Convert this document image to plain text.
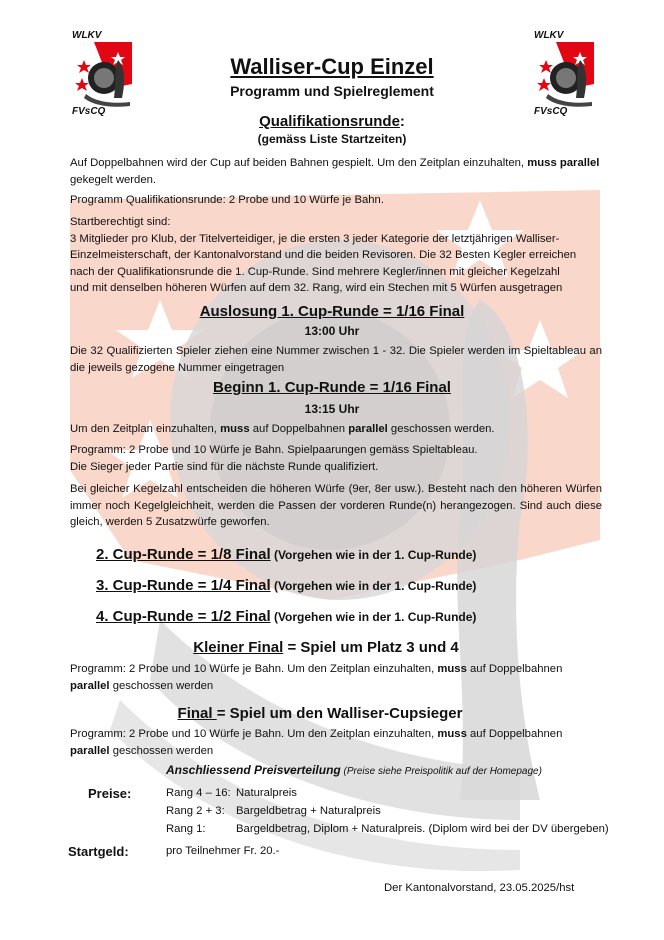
WLKV
FVsCQ
WLKV
FVsCQ
Walliser-Cup Einzel
Programm und Spielreglement
Qualifikationsrunde:
(gemäss Liste Startzeiten)
Auf Doppelbahnen wird der Cup auf beiden Bahnen gespielt. Um den Zeitplan einzuhalten, muss parallel gekegelt werden.
Programm Qualifikationsrunde: 2 Probe und 10 Würfe je Bahn.
Startberechtigt sind:
3 Mitglieder pro Klub, der Titelverteidiger, je die ersten 3 jeder Kategorie der letztjährigen Walliser-
Einzelmeisterschaft, der Kantonalvorstand und die beiden Revisoren. Die 32 Besten Kegler erreichen
nach der Qualifikationsrunde die 1. Cup-Runde. Sind mehrere Kegler/innen mit gleicher Kegelzahl
und mit denselben höheren Würfen auf dem 32. Rang, wird ein Stechen mit 5 Würfen ausgetragen
Auslosung 1. Cup-Runde = 1/16 Final
13:00 Uhr
Die 32 Qualifizierten Spieler ziehen eine Nummer zwischen 1 - 32. Die Spieler werden im Spieltableau an die jeweils gezogene Nummer eingetragen
Beginn 1. Cup-Runde = 1/16 Final
13:15 Uhr
Um den Zeitplan einzuhalten, muss auf Doppelbahnen parallel geschossen werden.
Programm: 2 Probe und 10 Würfe je Bahn. Spielpaarungen gemäss Spieltableau.
Die Sieger jeder Partie sind für die nächste Runde qualifiziert.
Bei gleicher Kegelzahl entscheiden die höheren Würfe (9er, 8er usw.). Besteht nach den höheren Würfen immer noch Kegelgleichheit, werden die Passen der vorderen Runde(n) herangezogen. Sind auch diese gleich, werden 5 Zusatzwürfe geworfen.
2. Cup-Runde = 1/8 Final (Vorgehen wie in der 1. Cup-Runde)
3. Cup-Runde = 1/4 Final (Vorgehen wie in der 1. Cup-Runde)
4. Cup-Runde = 1/2 Final (Vorgehen wie in der 1. Cup-Runde)
Kleiner Final = Spiel um Platz 3 und 4
Programm: 2 Probe und 10 Würfe je Bahn. Um den Zeitplan einzuhalten, muss auf Doppelbahnen parallel geschossen werden
Final = Spiel um den Walliser-Cupsieger
Programm: 2 Probe und 10 Würfe je Bahn. Um den Zeitplan einzuhalten, muss auf Doppelbahnen parallel geschossen werden
Anschliessend Preisverteilung (Preise siehe Preispolitik auf der Homepage)
Preise:	Rang 4 – 16: Naturalpreis
Rang 2 + 3: Bargeldbetrag + Naturalpreis
Rang 1:	Bargeldbetrag, Diplom + Naturalpreis. (Diplom wird bei der DV übergeben)
Startgeld:	pro Teilnehmer Fr. 20.-
Der Kantonalvorstand, 23.05.2025/hst
